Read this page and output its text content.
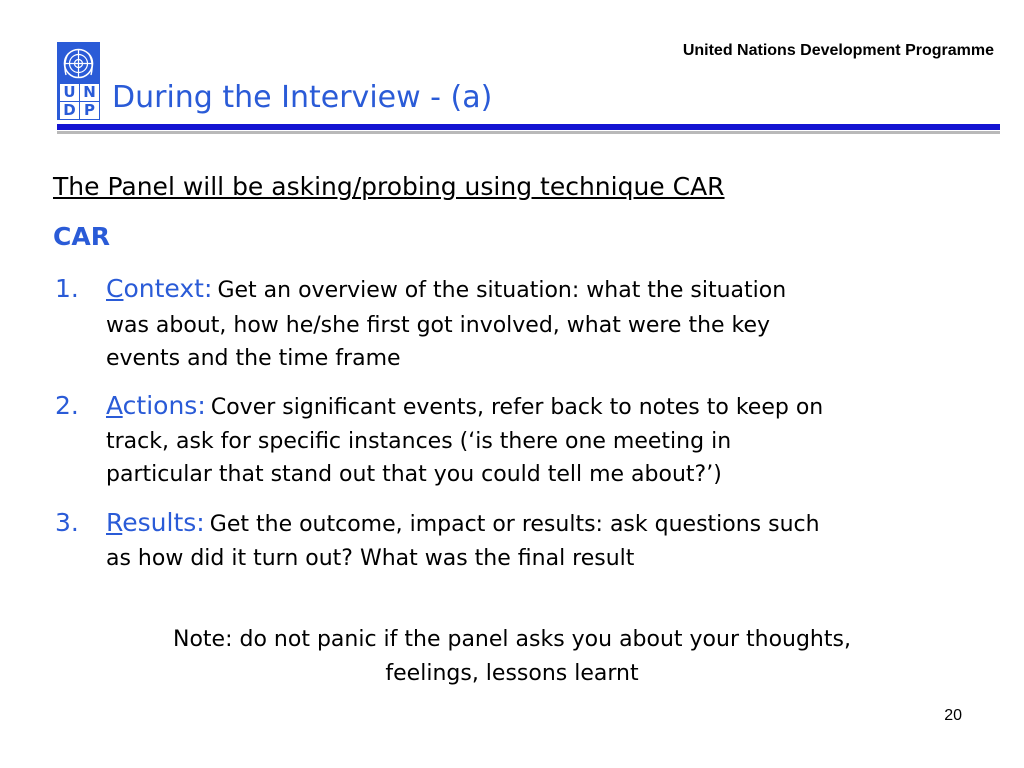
U N
D P
United Nations Development Programme
During the Interview - (a)
The Panel will be asking/probing using technique CAR
CAR
1. Context: Get an overview of the situation: what the situation
was about, how he/she first got involved, what were the key
events and the time frame
2. Actions: Cover significant events, refer back to notes to keep on
track, ask for specific instances (‘is there one meeting in
particular that stand out that you could tell me about?’)
3. Results: Get the outcome, impact or results: ask questions such
as how did it turn out? What was the final result
Note: do not panic if the panel asks you about your thoughts,
feelings, lessons learnt
20
